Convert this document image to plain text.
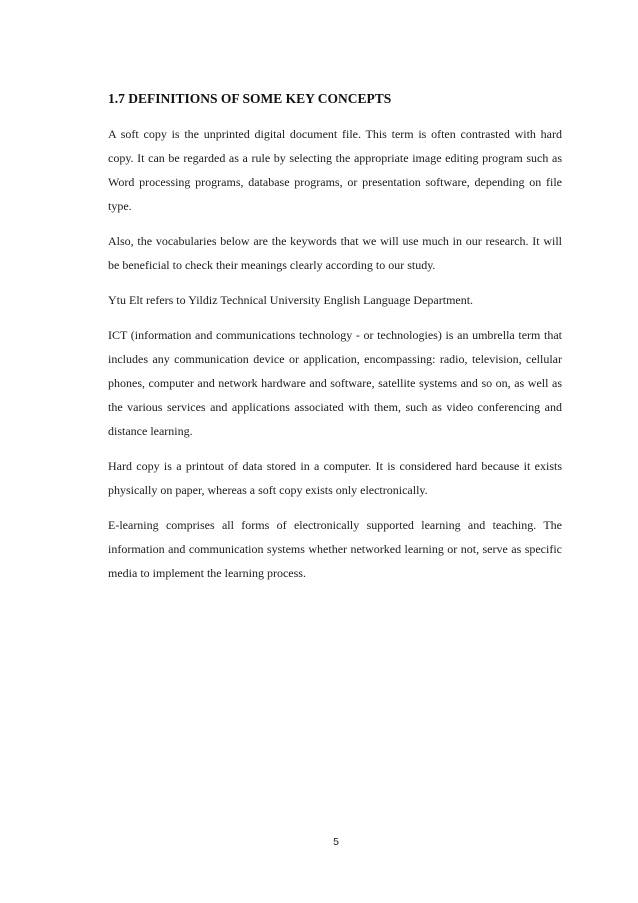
1.7 DEFINITIONS OF SOME KEY CONCEPTS

A soft copy is the unprinted digital document file. This term is often contrasted with hard copy. It can be regarded as a rule by selecting the appropriate image editing program such as Word processing programs, database programs, or presentation software, depending on file type.

Also, the vocabularies below are the keywords that we will use much in our research. It will be beneficial to check their meanings clearly according to our study.

Ytu Elt refers to Yildiz Technical University English Language Department.

ICT (information and communications technology - or technologies) is an umbrella term that includes any communication device or application, encompassing: radio, television, cellular phones, computer and network hardware and software, satellite systems and so on, as well as the various services and applications associated with them, such as video conferencing and distance learning.

Hard copy is a printout of data stored in a computer. It is considered hard because it exists physically on paper, whereas a soft copy exists only electronically.

E-learning comprises all forms of electronically supported learning and teaching. The information and communication systems whether networked learning or not, serve as specific media to implement the learning process.

5
